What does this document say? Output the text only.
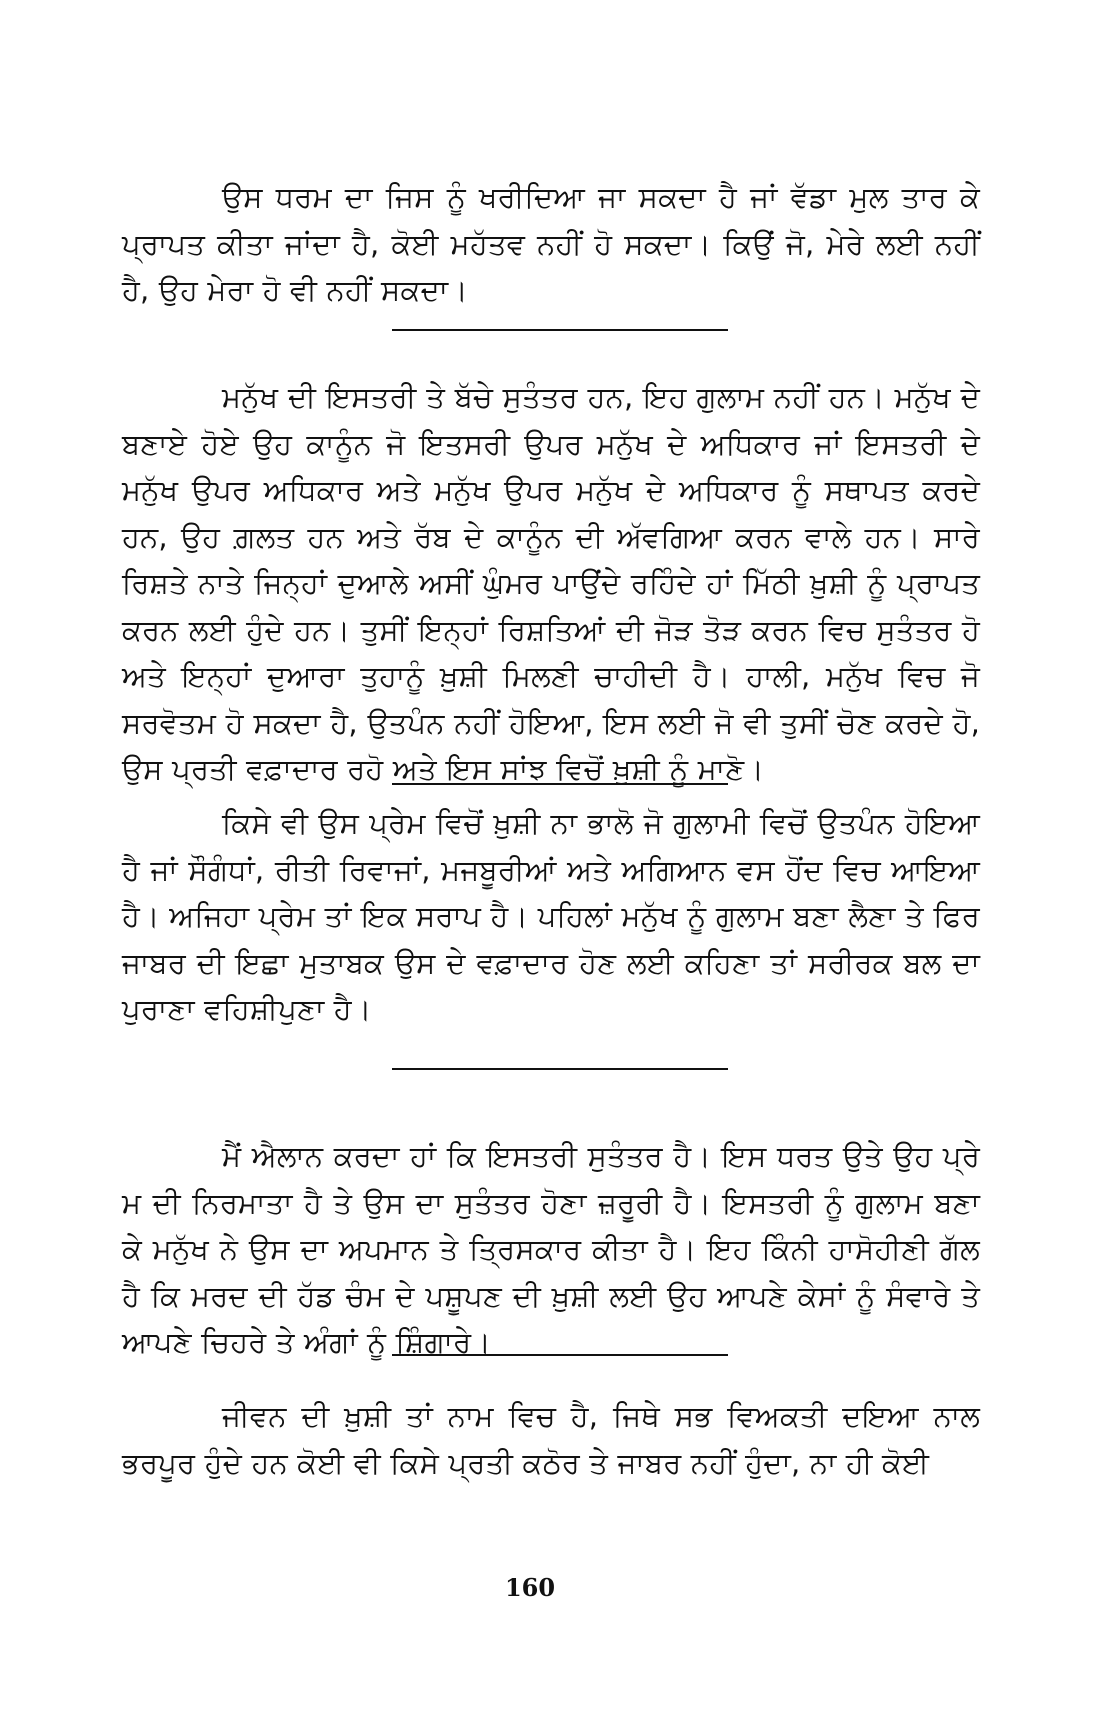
ਉਸ ਧਰਮ ਦਾ ਜਿਸ ਨੂੰ ਖਰੀਦਿਆ ਜਾ ਸਕਦਾ ਹੈ ਜਾਂ ਵੱਡਾ ਮੁਲ ਤਾਰ ਕੇ ਪ੍ਰਾਪਤ ਕੀਤਾ ਜਾਂਦਾ ਹੈ, ਕੋਈ ਮਹੱਤਵ ਨਹੀਂ ਹੋ ਸਕਦਾ। ਕਿਉਂ ਜੋ, ਮੇਰੇ ਲਈ ਨਹੀਂ ਹੈ, ਉਹ ਮੇਰਾ ਹੋ ਵੀ ਨਹੀਂ ਸਕਦਾ।

ਮਨੁੱਖ ਦੀ ਇਸਤਰੀ ਤੇ ਬੱਚੇ ਸੁਤੰਤਰ ਹਨ, ਇਹ ਗੁਲਾਮ ਨਹੀਂ ਹਨ। ਮਨੁੱਖ ਦੇ ਬਣਾਏ ਹੋਏ ਉਹ ਕਾਨੂੰਨ ਜੋ ਇਤਸਰੀ ਉਪਰ ਮਨੁੱਖ ਦੇ ਅਧਿਕਾਰ ਜਾਂ ਇਸਤਰੀ ਦੇ ਮਨੁੱਖ ਉਪਰ ਅਧਿਕਾਰ ਅਤੇ ਮਨੁੱਖ ਉਪਰ ਮਨੁੱਖ ਦੇ ਅਧਿਕਾਰ ਨੂੰ ਸਥਾਪਤ ਕਰਦੇ ਹਨ, ਉਹ ਗ਼ਲਤ ਹਨ ਅਤੇ ਰੱਬ ਦੇ ਕਾਨੂੰਨ ਦੀ ਅੱਵਗਿਆ ਕਰਨ ਵਾਲੇ ਹਨ। ਸਾਰੇ ਰਿਸ਼ਤੇ ਨਾਤੇ ਜਿਨ੍ਹਾਂ ਦੁਆਲੇ ਅਸੀਂ ਘੁੰਮਰ ਪਾਉਂਦੇ ਰਹਿੰਦੇ ਹਾਂ ਮਿੱਠੀ ਖ਼ੁਸ਼ੀ ਨੂੰ ਪ੍ਰਾਪਤ ਕਰਨ ਲਈ ਹੁੰਦੇ ਹਨ। ਤੁਸੀਂ ਇਨ੍ਹਾਂ ਰਿਸ਼ਤਿਆਂ ਦੀ ਜੋੜ ਤੋੜ ਕਰਨ ਵਿਚ ਸੁਤੰਤਰ ਹੋ ਅਤੇ ਇਨ੍ਹਾਂ ਦੁਆਰਾ ਤੁਹਾਨੂੰ ਖ਼ੁਸ਼ੀ ਮਿਲਣੀ ਚਾਹੀਦੀ ਹੈ। ਹਾਲੀ, ਮਨੁੱਖ ਵਿਚ ਜੋ ਸਰਵੋਤਮ ਹੋ ਸਕਦਾ ਹੈ, ਉਤਪੰਨ ਨਹੀਂ ਹੋਇਆ, ਇਸ ਲਈ ਜੋ ਵੀ ਤੁਸੀਂ ਚੋਣ ਕਰਦੇ ਹੋ, ਉਸ ਪ੍ਰਤੀ ਵਫ਼ਾਦਾਰ ਰਹੋ ਅਤੇ ਇਸ ਸਾਂਝ ਵਿਚੋਂ ਖ਼ੁਸ਼ੀ ਨੂੰ ਮਾਣੋ।

ਕਿਸੇ ਵੀ ਉਸ ਪ੍ਰੇਮ ਵਿਚੋਂ ਖ਼ੁਸ਼ੀ ਨਾ ਭਾਲੋ ਜੋ ਗੁਲਾਮੀ ਵਿਚੋਂ ਉਤਪੰਨ ਹੋਇਆ ਹੈ ਜਾਂ ਸੌਗੰਧਾਂ, ਰੀਤੀ ਰਿਵਾਜਾਂ, ਮਜਬੂਰੀਆਂ ਅਤੇ ਅਗਿਆਨ ਵਸ ਹੋਂਦ ਵਿਚ ਆਇਆ ਹੈ। ਅਜਿਹਾ ਪ੍ਰੇਮ ਤਾਂ ਇਕ ਸਰਾਪ ਹੈ। ਪਹਿਲਾਂ ਮਨੁੱਖ ਨੂੰ ਗੁਲਾਮ ਬਣਾ ਲੈਣਾ ਤੇ ਫਿਰ ਜਾਬਰ ਦੀ ਇਛਾ ਮੁਤਾਬਕ ਉਸ ਦੇ ਵਫ਼ਾਦਾਰ ਹੋਣ ਲਈ ਕਹਿਣਾ ਤਾਂ ਸਰੀਰਕ ਬਲ ਦਾ ਪੁਰਾਣਾ ਵਹਿਸ਼ੀਪੁਣਾ ਹੈ।

ਮੈਂ ਐਲਾਨ ਕਰਦਾ ਹਾਂ ਕਿ ਇਸਤਰੀ ਸੁਤੰਤਰ ਹੈ। ਇਸ ਧਰਤ ਉਤੇ ਉਹ ਪ੍ਰੇ ਮ ਦੀ ਨਿਰਮਾਤਾ ਹੈ ਤੇ ਉਸ ਦਾ ਸੁਤੰਤਰ ਹੋਣਾ ਜ਼ਰੂਰੀ ਹੈ। ਇਸਤਰੀ ਨੂੰ ਗੁਲਾਮ ਬਣਾ ਕੇ ਮਨੁੱਖ ਨੇ ਉਸ ਦਾ ਅਪਮਾਨ ਤੇ ਤ੍ਰਿਸਕਾਰ ਕੀਤਾ ਹੈ। ਇਹ ਕਿੰਨੀ ਹਾਸੋਹੀਣੀ ਗੱਲ ਹੈ ਕਿ ਮਰਦ ਦੀ ਹੱਡ ਚੰਮ ਦੇ ਪਸ਼ੂਪਣ ਦੀ ਖ਼ੁਸ਼ੀ ਲਈ ਉਹ ਆਪਣੇ ਕੇਸਾਂ ਨੂੰ ਸੰਵਾਰੇ ਤੇ ਆਪਣੇ ਚਿਹਰੇ ਤੇ ਅੰਗਾਂ ਨੂੰ ਸ਼ਿੰਗਾਰੇ।

ਜੀਵਨ ਦੀ ਖ਼ੁਸ਼ੀ ਤਾਂ ਨਾਮ ਵਿਚ ਹੈ, ਜਿਥੇ ਸਭ ਵਿਅਕਤੀ ਦਇਆ ਨਾਲ ਭਰਪੂਰ ਹੁੰਦੇ ਹਨ ਕੋਈ ਵੀ ਕਿਸੇ ਪ੍ਰਤੀ ਕਠੋਰ ਤੇ ਜਾਬਰ ਨਹੀਂ ਹੁੰਦਾ, ਨਾ ਹੀ ਕੋਈ

160
